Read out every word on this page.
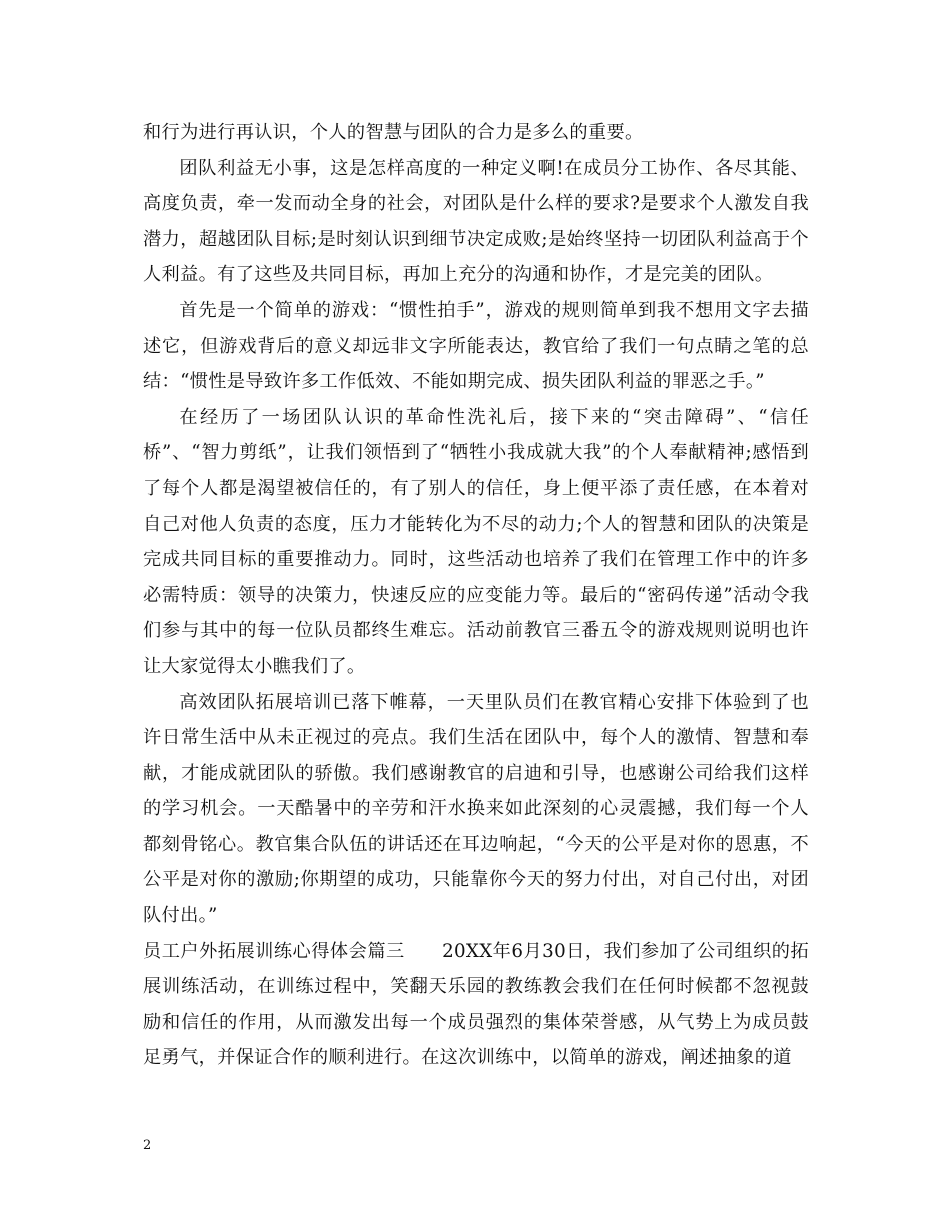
和行为进行再认识，个人的智慧与团队的合力是多么的重要。

团队利益无小事，这是怎样高度的一种定义啊!在成员分工协作、各尽其能、高度负责，牵一发而动全身的社会，对团队是什么样的要求?是要求个人激发自我潜力，超越团队目标;是时刻认识到细节决定成败;是始终坚持一切团队利益高于个人利益。有了这些及共同目标，再加上充分的沟通和协作，才是完美的团队。

首先是一个简单的游戏：“惯性拍手”，游戏的规则简单到我不想用文字去描述它，但游戏背后的意义却远非文字所能表达，教官给了我们一句点睛之笔的总结：“惯性是导致许多工作低效、不能如期完成、损失团队利益的罪恶之手。”

在经历了一场团队认识的革命性洗礼后，接下来的“突击障碍”、“信任桥”、“智力剪纸”，让我们领悟到了“牺牲小我成就大我”的个人奉献精神;感悟到了每个人都是渴望被信任的，有了别人的信任，身上便平添了责任感，在本着对自己对他人负责的态度，压力才能转化为不尽的动力;个人的智慧和团队的决策是完成共同目标的重要推动力。同时，这些活动也培养了我们在管理工作中的许多必需特质：领导的决策力，快速反应的应变能力等。最后的“密码传递”活动令我们参与其中的每一位队员都终生难忘。活动前教官三番五令的游戏规则说明也许让大家觉得太小瞧我们了。

高效团队拓展培训已落下帷幕，一天里队员们在教官精心安排下体验到了也许日常生活中从未正视过的亮点。我们生活在团队中，每个人的激情、智慧和奉献，才能成就团队的骄傲。我们感谢教官的启迪和引导，也感谢公司给我们这样的学习机会。一天酷暑中的辛劳和汗水换来如此深刻的心灵震撼，我们每一个人都刻骨铭心。教官集合队伍的讲话还在耳边响起，“今天的公平是对你的恩惠，不公平是对你的激励;你期望的成功，只能靠你今天的努力付出，对自己付出，对团队付出。”

员工户外拓展训练心得体会篇三　　20XX年6月30日，我们参加了公司组织的拓展训练活动，在训练过程中，笑翻天乐园的教练教会我们在任何时候都不忽视鼓励和信任的作用，从而激发出每一个成员强烈的集体荣誉感，从气势上为成员鼓足勇气，并保证合作的顺利进行。在这次训练中，以简单的游戏，阐述抽象的道

2
